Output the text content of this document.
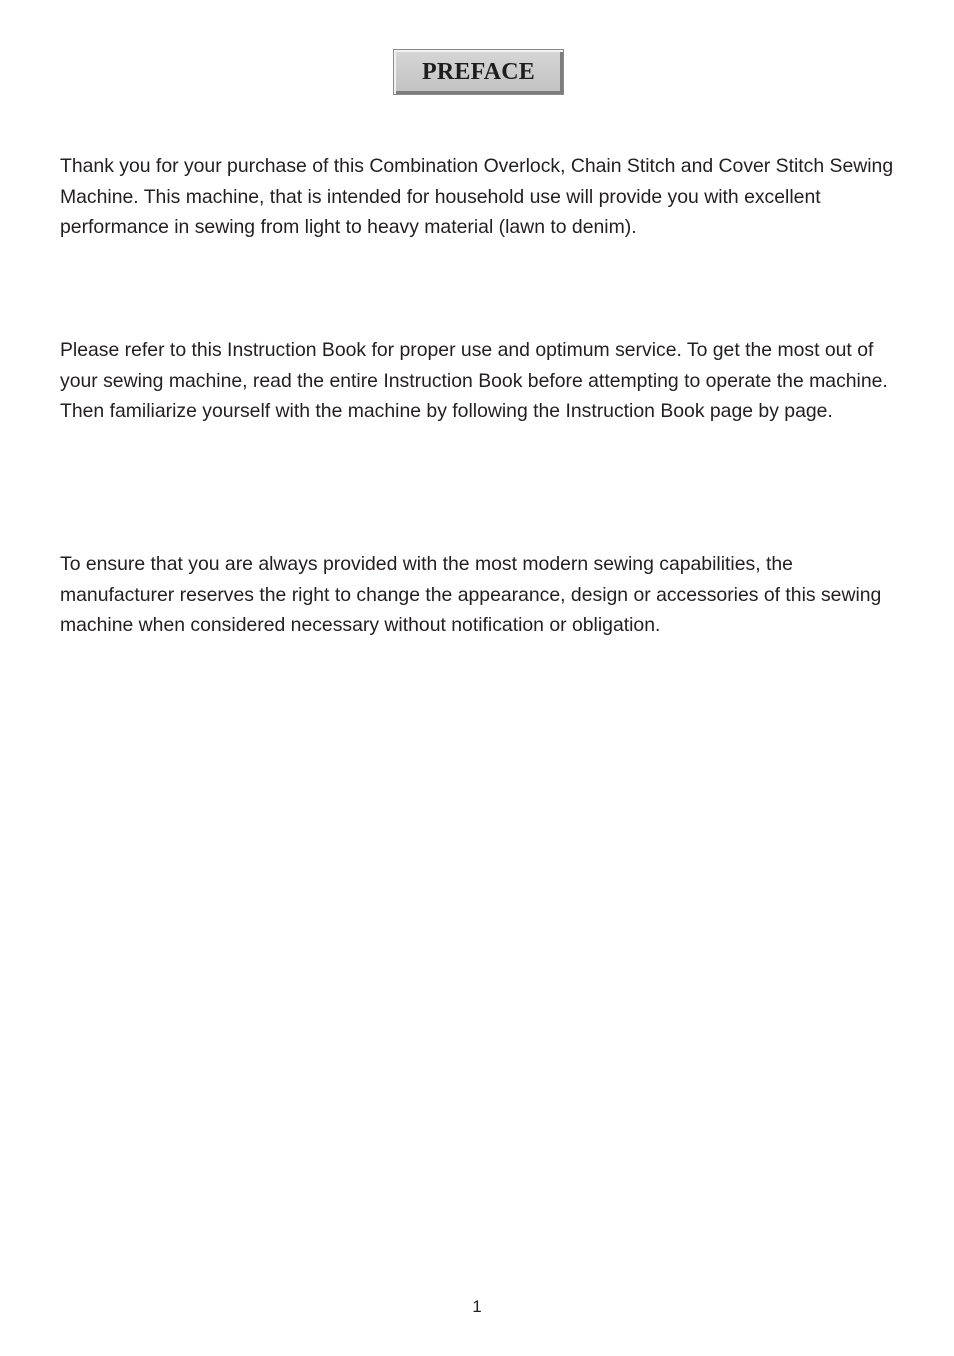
PREFACE

Thank you for your purchase of this Combination Overlock, Chain Stitch and Cover Stitch Sewing Machine. This machine, that is intended for household use will provide you with excellent performance in sewing from light to heavy material (lawn to denim).

Please refer to this Instruction Book for proper use and optimum service. To get the most out of your sewing machine, read the entire Instruction Book before attempting to operate the machine. Then familiarize yourself with the machine by following the Instruction Book page by page.

To ensure that you are always provided with the most modern sewing capabilities, the manufacturer reserves the right to change the appearance, design or accessories of this sewing machine when considered necessary without notification or obligation.

1
